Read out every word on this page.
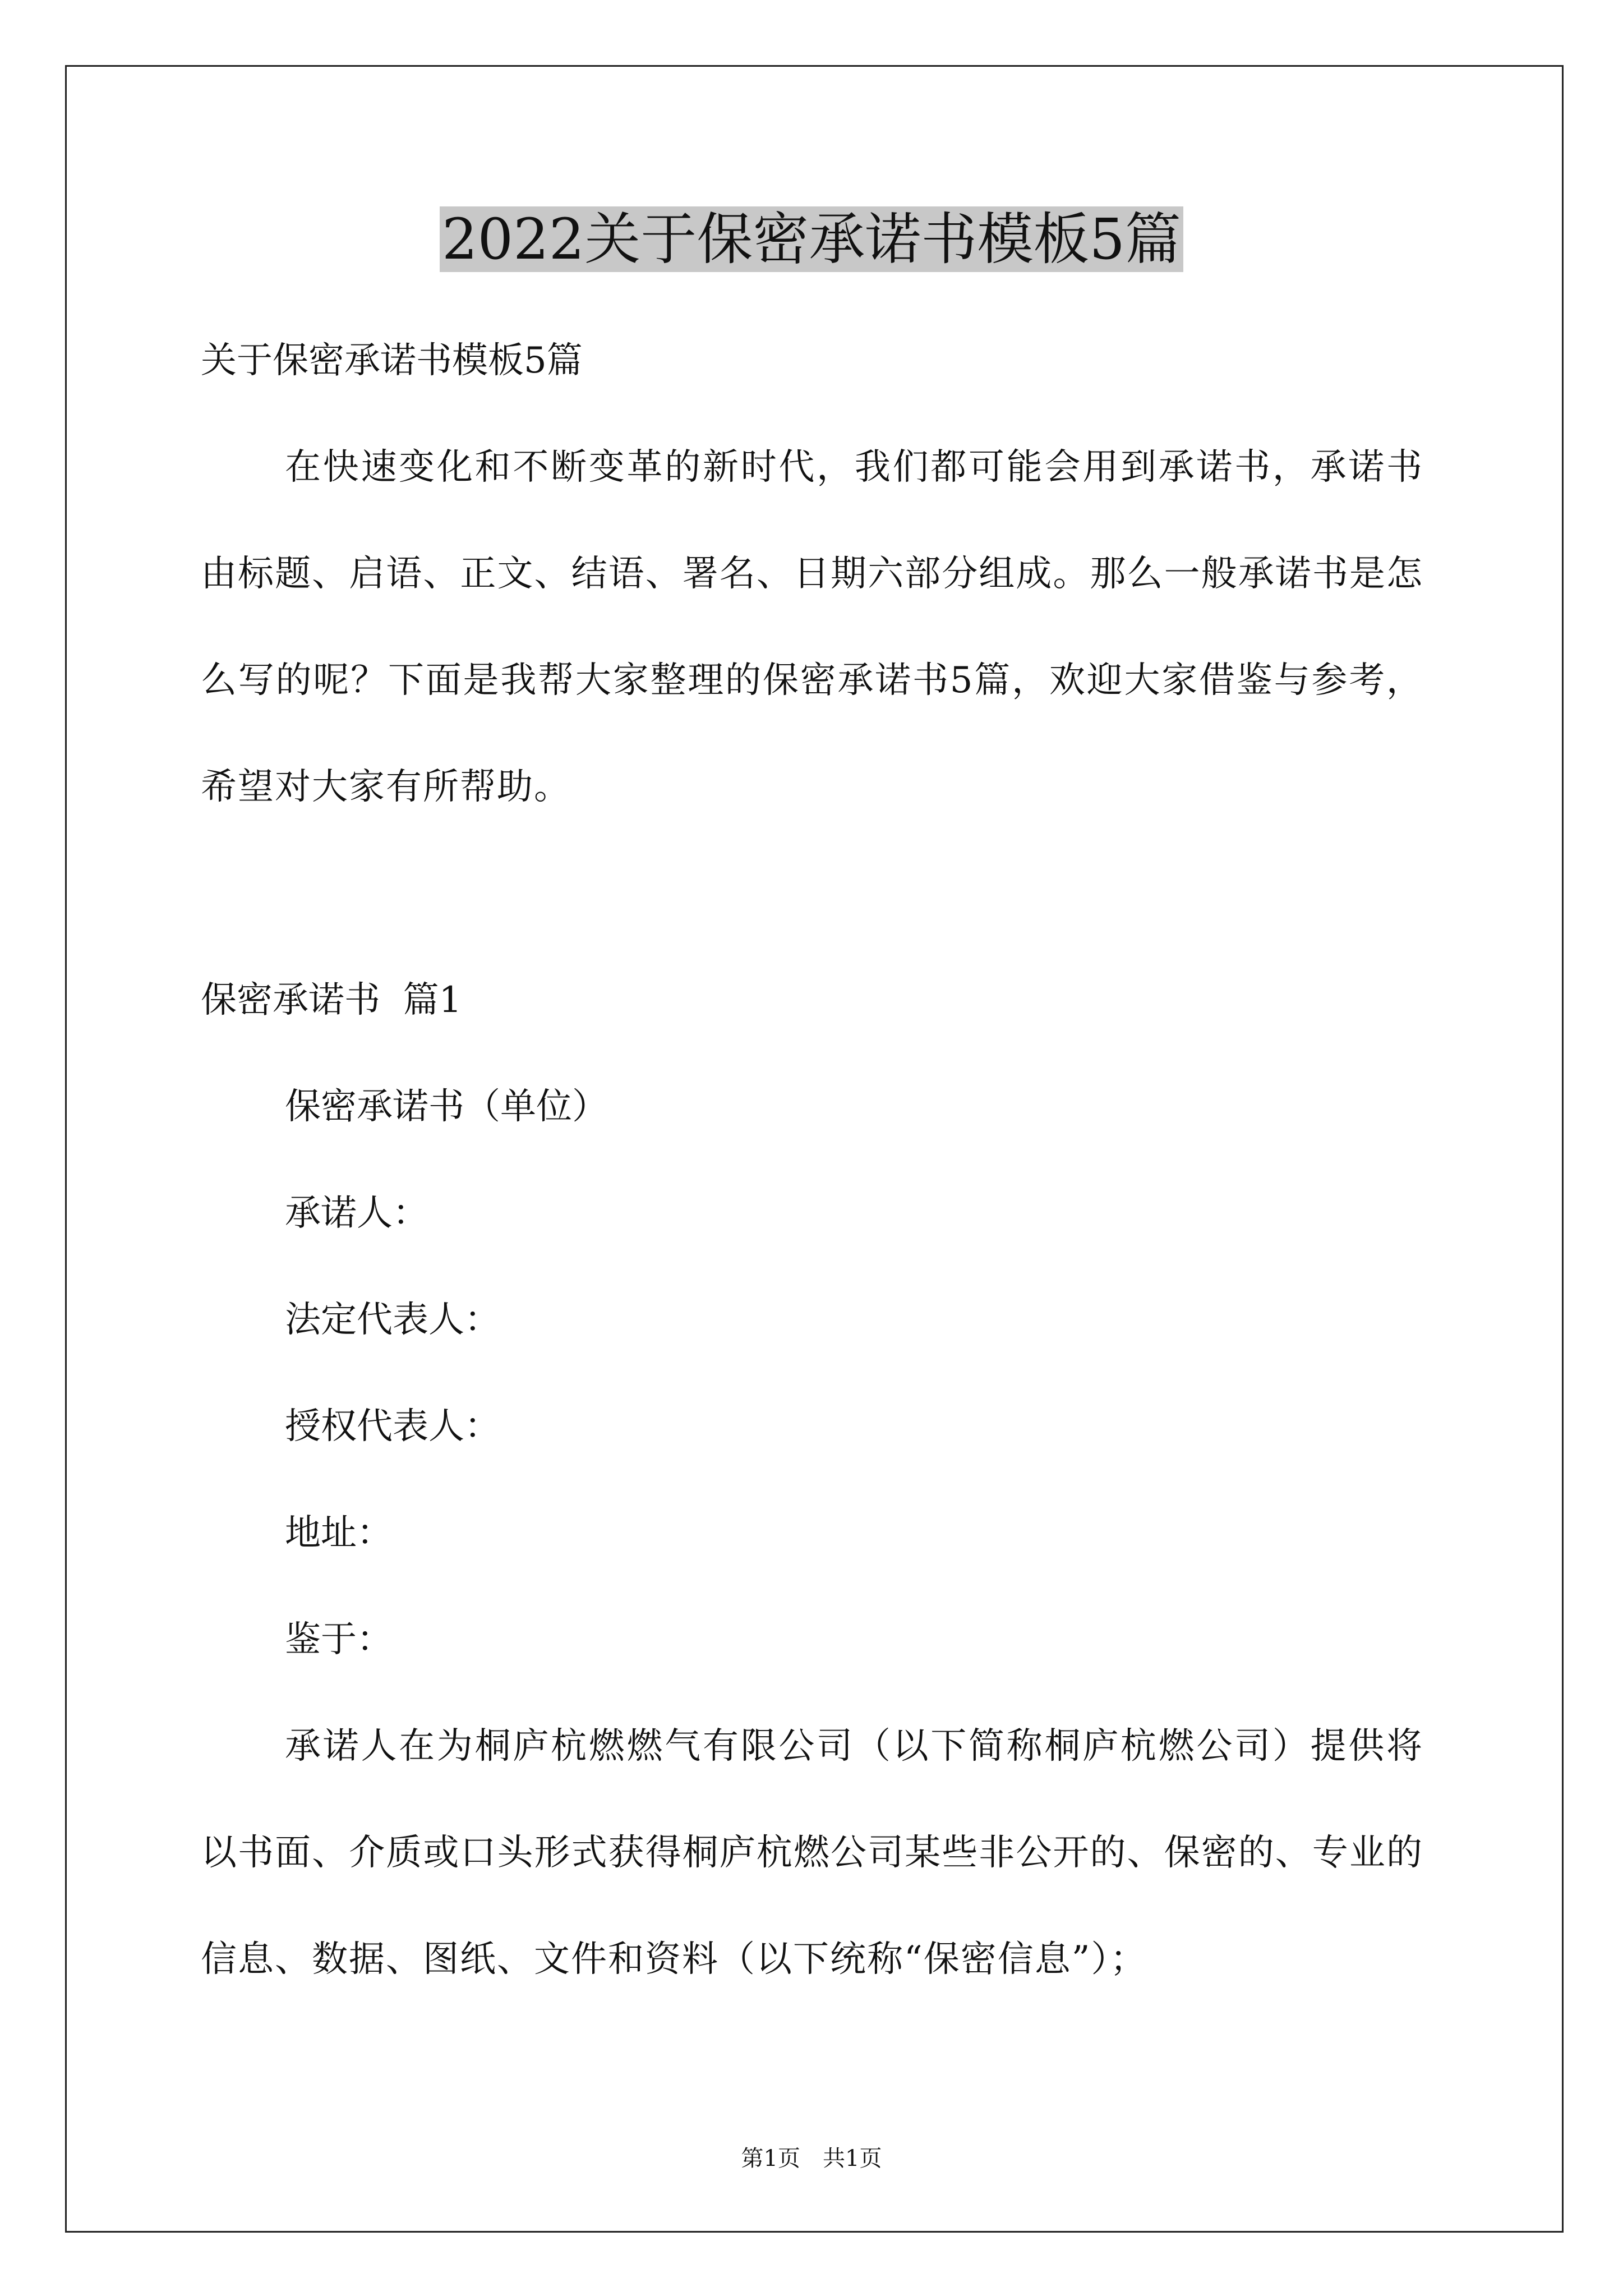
2022关于保密承诺书模板5篇

关于保密承诺书模板5篇

在快速变化和不断变革的新时代，我们都可能会用到承诺书，承诺书由标题、启语、正文、结语、署名、日期六部分组成。那么一般承诺书是怎么写的呢？下面是我帮大家整理的保密承诺书5篇，欢迎大家借鉴与参考，希望对大家有所帮助。

保密承诺书  篇1

保密承诺书（单位）

承诺人：

法定代表人：

授权代表人：

地址：

鉴于：

承诺人在为桐庐杭燃燃气有限公司（以下简称桐庐杭燃公司）提供将以书面、介质或口头形式获得桐庐杭燃公司某些非公开的、保密的、专业的信息、数据、图纸、文件和资料（以下统称“保密信息”）；

第1页　共1页
